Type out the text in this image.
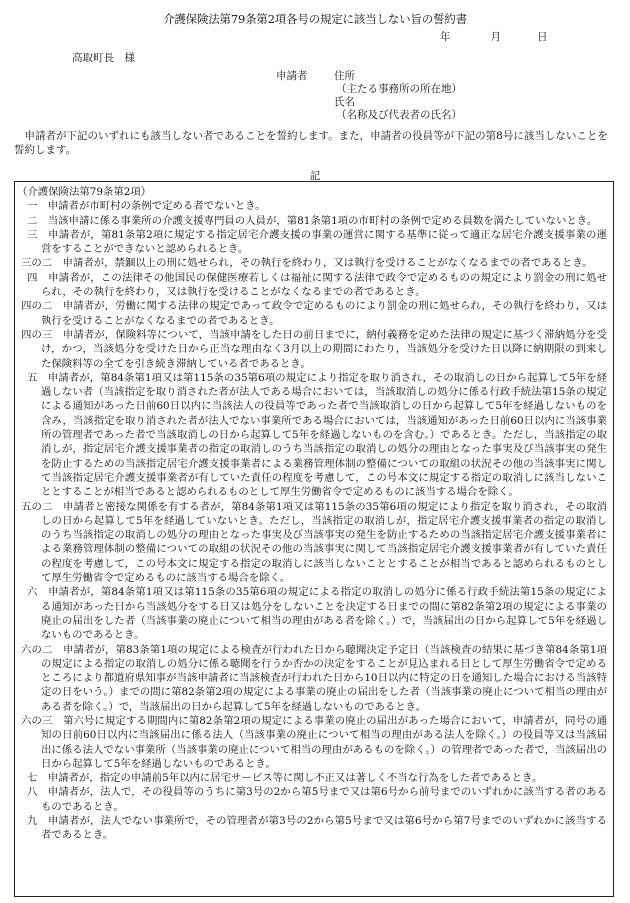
介護保険法第79条第2項各号の規定に該当しない旨の誓約書
年	月	日
高取町長　様
申請者	住所
（主たる事務所の所在地）
氏名
（名称及び代表者の氏名）
申請者が下記のいずれにも該当しない者であることを誓約します。また，申請者の役員等が下記の第8号に該当しないことを誓約します。
記
（介護保険法第79条第2項）
一　申請者が市町村の条例で定める者でないとき。
二　当該申請に係る事業所の介護支援専門員の人員が，第81条第1項の市町村の条例で定める員数を満たしていないとき。
三　申請者が，第81条第2項に規定する指定居宅介護支援の事業の運営に関する基準に従って適正な居宅介護支援事業の運営をすることができないと認められるとき。
三の二　申請者が，禁錮以上の刑に処せられ，その執行を終わり，又は執行を受けることがなくなるまでの者であるとき。
四　申請者が，この法律その他国民の保健医療若しくは福祉に関する法律で政令で定めるものの規定により罰金の刑に処せられ，その執行を終わり，又は執行を受けることがなくなるまでの者であるとき。
四の二　申請者が，労働に関する法律の規定であって政令で定めるものにより罰金の刑に処せられ，その執行を終わり，又は執行を受けることがなくなるまでの者であるとき。
四の三　申請者が，保険料等について，当該申請をした日の前日までに，納付義務を定めた法律の規定に基づく滞納処分を受け，かつ，当該処分を受けた日から正当な理由なく3月以上の期間にわたり，当該処分を受けた日以降に納期限の到来した保険料等の全てを引き続き滞納している者であるとき。
五　申請者が，第84条第1項又は第115条の35第6項の規定により指定を取り消され，その取消しの日から起算して5年を経過しない者（当該指定を取り消された者が法人である場合においては，当該取消しの処分に係る行政手続法第15条の規定による通知があった日前60日以内に当該法人の役員等であった者で当該取消しの日から起算して5年を経過しないものを含み，当該指定を取り消された者が法人でない事業所である場合においては，当該通知があった日前60日以内に当該事業所の管理者であった者で当該取消しの日から起算して5年を経過しないものを含む。）であるとき。ただし，当該指定の取消しが，指定居宅介護支援事業者の指定の取消しのうち当該指定の取消しの処分の理由となった事実及び当該事実の発生を防止するための当該指定居宅介護支援事業者による業務管理体制の整備についての取組の状況その他の当該事実に関して当該指定居宅介護支援事業者が有していた責任の程度を考慮して，この号本文に規定する指定の取消しに該当しないこととすることが相当であると認められるものとして厚生労働省令で定めるものに該当する場合を除く。
五の二　申請者と密接な関係を有する者が，第84条第1項又は第115条の35第6項の規定により指定を取り消され，その取消しの日から起算して5年を経過していないとき。ただし，当該指定の取消しが，指定居宅介護支援事業者の指定の取消しのうち当該指定の取消しの処分の理由となった事実及び当該事実の発生を防止するための当該指定居宅介護支援事業者による業務管理体制の整備についての取組の状況その他の当該事実に関して当該指定居宅介護支援事業者が有していた責任の程度を考慮して，この号本文に規定する指定の取消しに該当しないこととすることが相当であると認められるものとして厚生労働省令で定めるものに該当する場合を除く。
六　申請者が，第84条第1項又は第115条の35第6項の規定による指定の取消しの処分に係る行政手続法第15条の規定による通知があった日から当該処分をする日又は処分をしないことを決定する日までの間に第82条第2項の規定による事業の廃止の届出をした者（当該事業の廃止について相当の理由がある者を除く。）で，当該届出の日から起算して5年を経過しないものであるとき。
六の二　申請者が，第83条第1項の規定による検査が行われた日から聴聞決定予定日（当該検査の結果に基づき第84条第1項の規定による指定の取消しの処分に係る聴聞を行うか否かの決定をすることが見込まれる日として厚生労働省令で定めるところにより都道府県知事が当該申請者に当該検査が行われた日から10日以内に特定の日を通知した場合における当該特定の日をいう。）までの間に第82条第2項の規定による事業の廃止の届出をした者（当該事業の廃止について相当の理由がある者を除く。）で，当該届出の日から起算して5年を経過しないものであるとき。
六の三　第六号に規定する期間内に第82条第2項の規定による事業の廃止の届出があった場合において，申請者が，同号の通知の日前60日以内に当該届出に係る法人（当該事業の廃止について相当の理由がある法人を除く。）の役員等又は当該届出に係る法人でない事業所（当該事業の廃止について相当の理由があるものを除く。）の管理者であった者で，当該届出の日から起算して5年を経過しないものであるとき。
七　申請者が，指定の申請前5年以内に居宅サービス等に関し不正又は著しく不当な行為をした者であるとき。
八　申請者が，法人で，その役員等のうちに第3号の2から第5号まで又は第6号から前号までのいずれかに該当する者のあるものであるとき。
九　申請者が，法人でない事業所で，その管理者が第3号の2から第5号まで又は第6号から第7号までのいずれかに該当する者であるとき。
